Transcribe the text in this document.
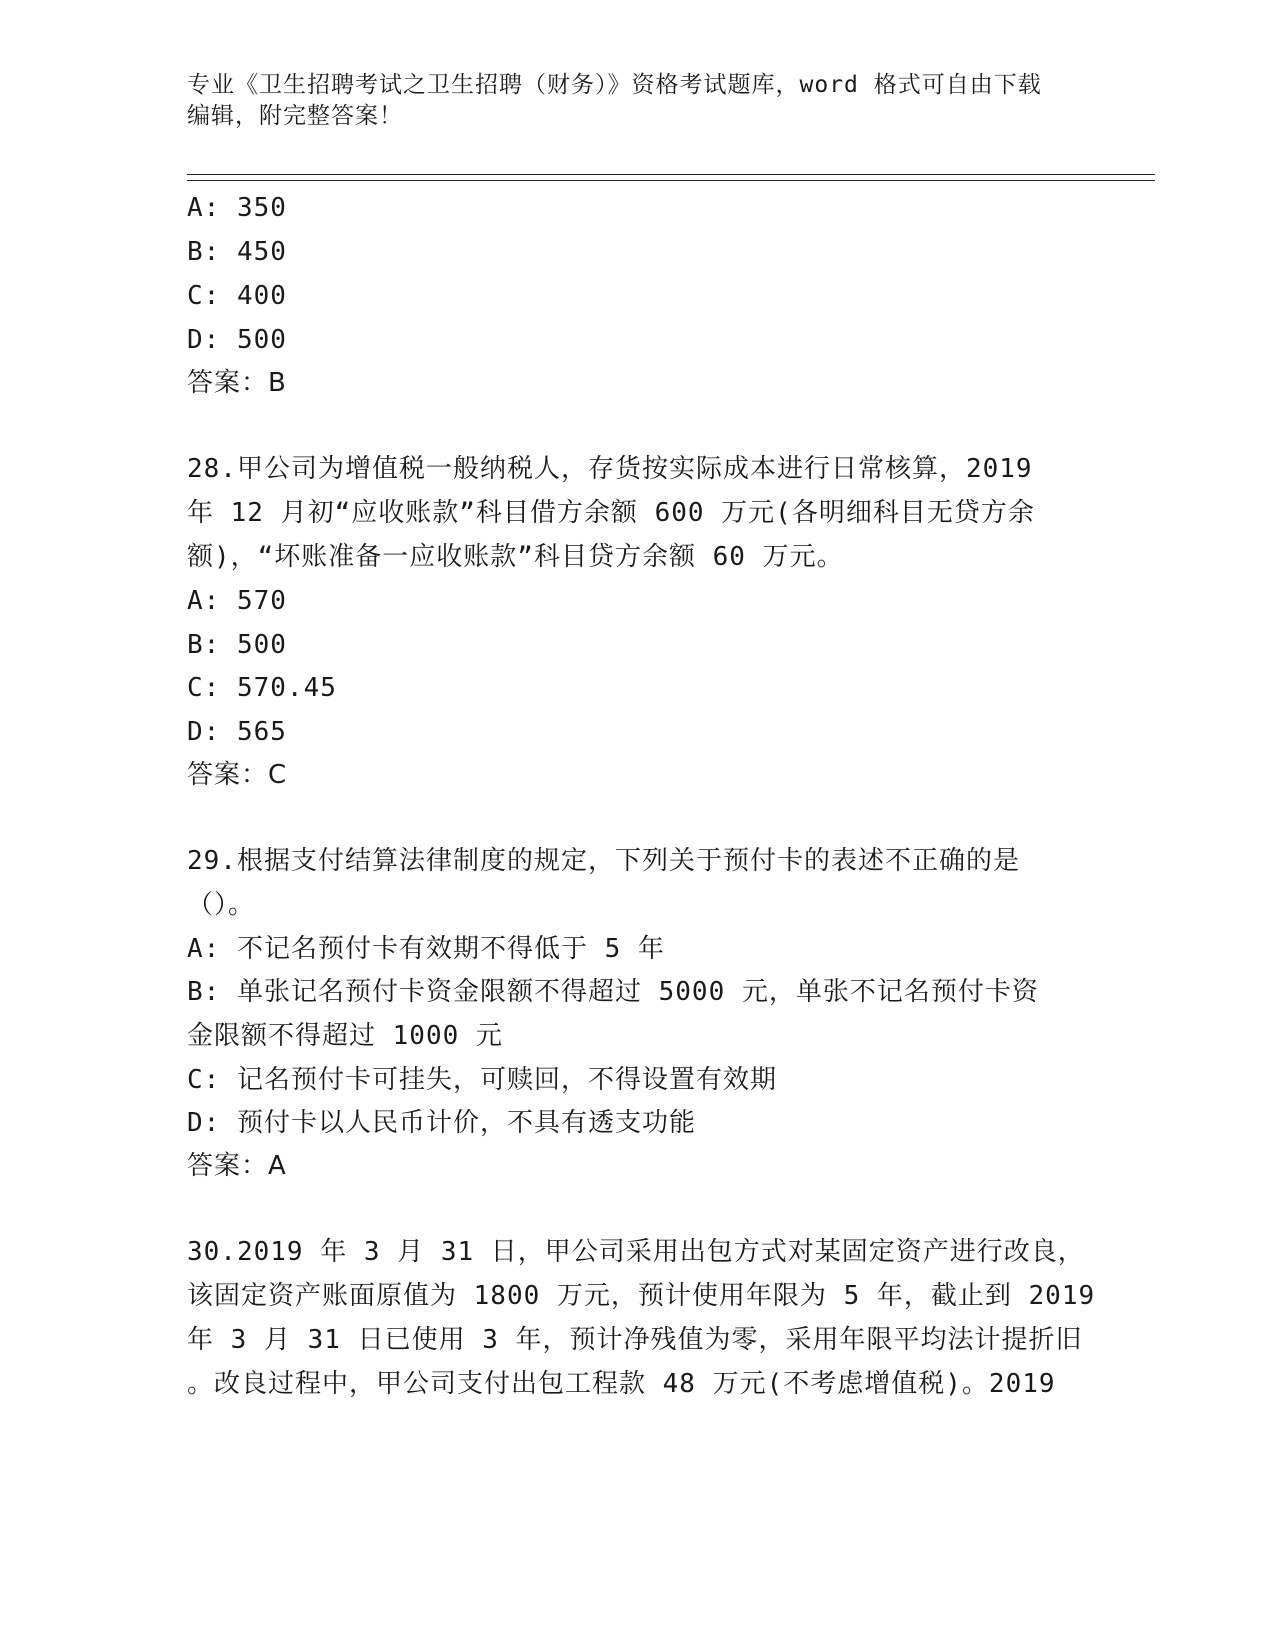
专业《卫生招聘考试之卫生招聘（财务）》资格考试题库，word 格式可自由下载
编辑，附完整答案！
A: 350
B: 450
C: 400
D: 500
答案：B
28.甲公司为增值税一般纳税人，存货按实际成本进行日常核算，2019
年 12 月初“应收账款”科目借方余额 600 万元(各明细科目无贷方余
额)，“坏账准备一应收账款”科目贷方余额 60 万元。
A: 570
B: 500
C: 570.45
D: 565
答案：C
29.根据支付结算法律制度的规定，下列关于预付卡的表述不正确的是
（）。
A: 不记名预付卡有效期不得低于 5 年
B: 单张记名预付卡资金限额不得超过 5000 元，单张不记名预付卡资
金限额不得超过 1000 元
C: 记名预付卡可挂失，可赎回，不得设置有效期
D: 预付卡以人民币计价，不具有透支功能
答案：A
30.2019 年 3 月 31 日，甲公司采用出包方式对某固定资产进行改良，
该固定资产账面原值为 1800 万元，预计使用年限为 5 年，截止到 2019
年 3 月 31 日已使用 3 年，预计净残值为零，采用年限平均法计提折旧
。改良过程中，甲公司支付出包工程款 48 万元(不考虑增值税)。2019
